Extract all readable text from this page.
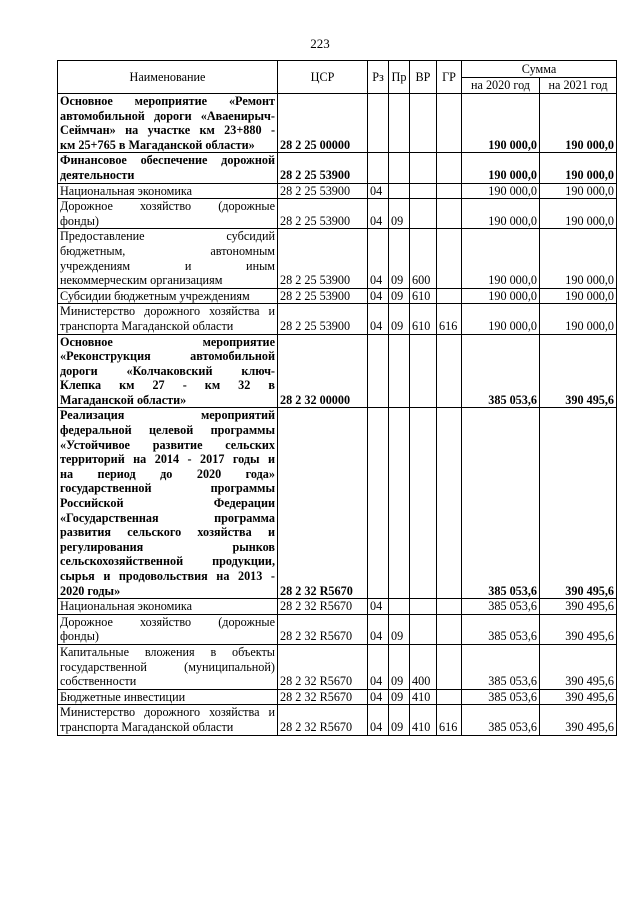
223
Наименование	ЦСР	Рз	Пр	ВР	ГР	Сумма	
						на 2020 год	на 2021 год

Основное мероприятие «Ремонт
автомобильной дороги «Аваенирыч-
Сеймчан» на участке км 23+880 -
км 25+765 в Магаданской области»	28 2 25 00000					190 000,0	190 000,0

Финансовое обеспечение дорожной
деятельности	28 2 25 53900					190 000,0	190 000,0

Национальная экономика	28 2 25 53900	04				190 000,0	190 000,0

Дорожное хозяйство (дорожные
фонды)	28 2 25 53900	04	09			190 000,0	190 000,0

Предоставление субсидий
бюджетным, автономным
учреждениям и иным
некоммерческим организациям	28 2 25 53900	04	09	600		190 000,0	190 000,0

Субсидии бюджетным учреждениям	28 2 25 53900	04	09	610		190 000,0	190 000,0

Министерство дорожного хозяйства и
транспорта Магаданской области	28 2 25 53900	04	09	610	616	190 000,0	190 000,0

Основное мероприятие
«Реконструкция автомобильной
дороги «Колчаковский ключ-
Клепка км 27 - км 32 в
Магаданской области»	28 2 32 00000					385 053,6	390 495,6

Реализация мероприятий
федеральной целевой программы
«Устойчивое развитие сельских
территорий на 2014 - 2017 годы и
на период до 2020 года»
государственной программы
Российской Федерации
«Государственная программа
развития сельского хозяйства и
регулирования рынков
сельскохозяйственной продукции,
сырья и продовольствия на 2013 -
2020 годы»	28 2 32 R5670					385 053,6	390 495,6

Национальная экономика	28 2 32 R5670	04				385 053,6	390 495,6

Дорожное хозяйство (дорожные
фонды)	28 2 32 R5670	04	09			385 053,6	390 495,6

Капитальные вложения в объекты
государственной (муниципальной)
собственности	28 2 32 R5670	04	09	400		385 053,6	390 495,6

Бюджетные инвестиции	28 2 32 R5670	04	09	410		385 053,6	390 495,6

Министерство дорожного хозяйства и
транспорта Магаданской области	28 2 32 R5670	04	09	410	616	385 053,6	390 495,6
